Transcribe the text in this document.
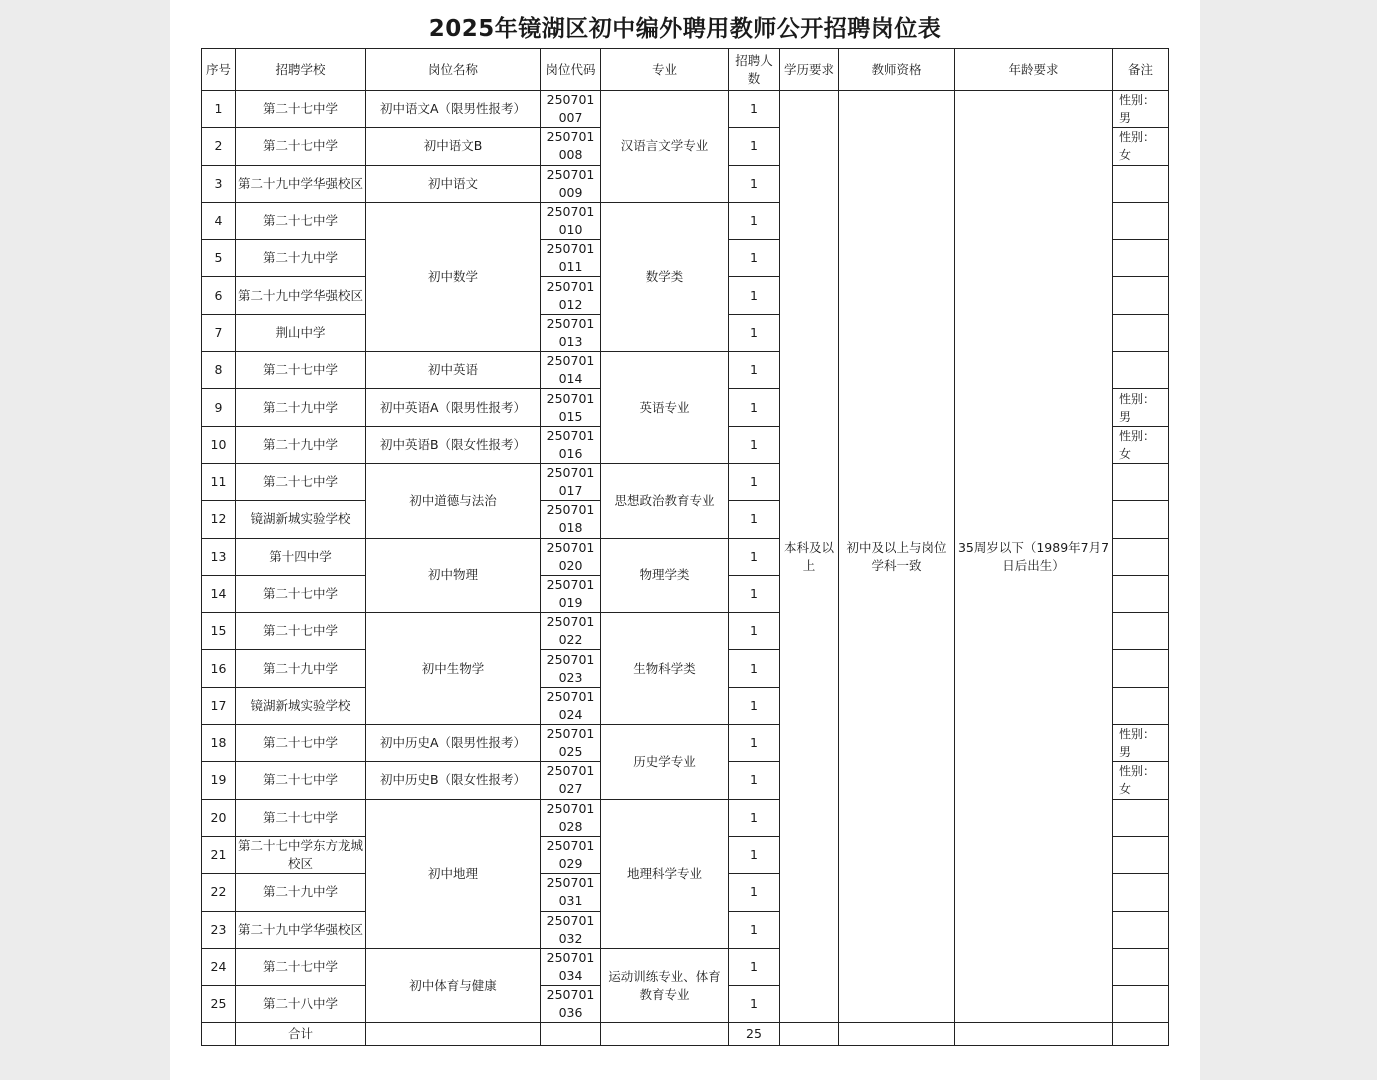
2025年镜湖区初中编外聘用教师公开招聘岗位表
序号	招聘学校	岗位名称	岗位代码	专业	招聘人数	学历要求	教师资格	年龄要求	备注
1	第二十七中学	初中语文A（限男性报考）	250701 007	汉语言文学专业	1	本科及以上	初中及以上与岗位学科一致	35周岁以下（1989年7月7日后出生）	性别：男
2	第二十七中学	初中语文B	250701 008		1				性别：女
3	第二十九中学华强校区	初中语文	250701 009		1				
4	第二十七中学	初中数学	250701 010	数学类	1				
5	第二十九中学		250701 011		1				
6	第二十九中学华强校区		250701 012		1				
7	荆山中学		250701 013		1				
8	第二十七中学	初中英语	250701 014	英语专业	1				
9	第二十九中学	初中英语A（限男性报考）	250701 015		1				性别：男
10	第二十九中学	初中英语B（限女性报考）	250701 016		1				性别：女
11	第二十七中学	初中道德与法治	250701 017	思想政治教育专业	1				
12	镜湖新城实验学校		250701 018		1				
13	第十四中学	初中物理	250701 020	物理学类	1				
14	第二十七中学		250701 019		1				
15	第二十七中学	初中生物学	250701 022	生物科学类	1				
16	第二十九中学		250701 023		1				
17	镜湖新城实验学校		250701 024		1				
18	第二十七中学	初中历史A（限男性报考）	250701 025	历史学专业	1				性别：男
19	第二十七中学	初中历史B（限女性报考）	250701 027		1				性别：女
20	第二十七中学	初中地理	250701 028	地理科学专业	1				
21	第二十七中学东方龙城校区		250701 029		1				
22	第二十九中学		250701 031		1				
23	第二十九中学华强校区		250701 032		1				
24	第二十七中学	初中体育与健康	250701 034	运动训练专业、体育教育专业	1				
25	第二十八中学		250701 036		1				
	合计				25				
